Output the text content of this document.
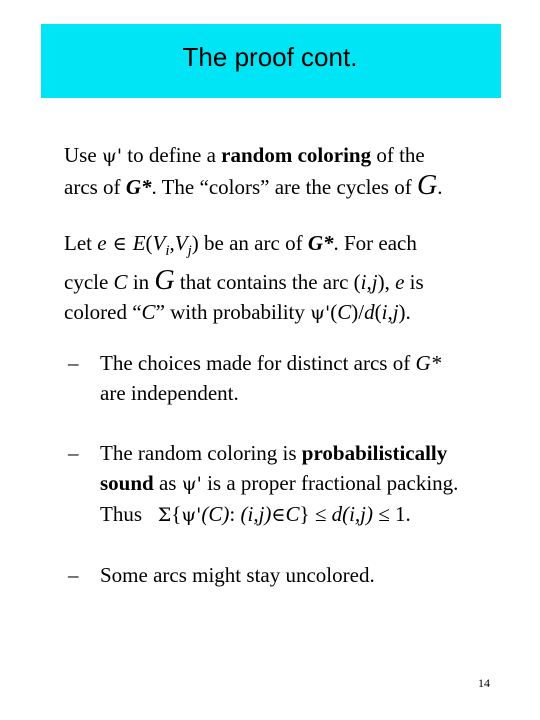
The proof cont.
Use ψ' to define a random coloring of the
arcs of G*. The “colors” are the cycles of G.
Let e ∈ $E(V_i,V_j)$ be an arc of G*. For each
cycle C in G that contains the arc (i,j), e is
colored “C” with probability ψ'(C)/d(i,j).
– The choices made for distinct arcs of G*
are independent.
– The random coloring is probabilistically
sound as ψ' is a proper fractional packing.
Thus   Σ{ψ'(C): (i,j)∈C} ≤ d(i,j) ≤ 1.
– Some arcs might stay uncolored.
14
